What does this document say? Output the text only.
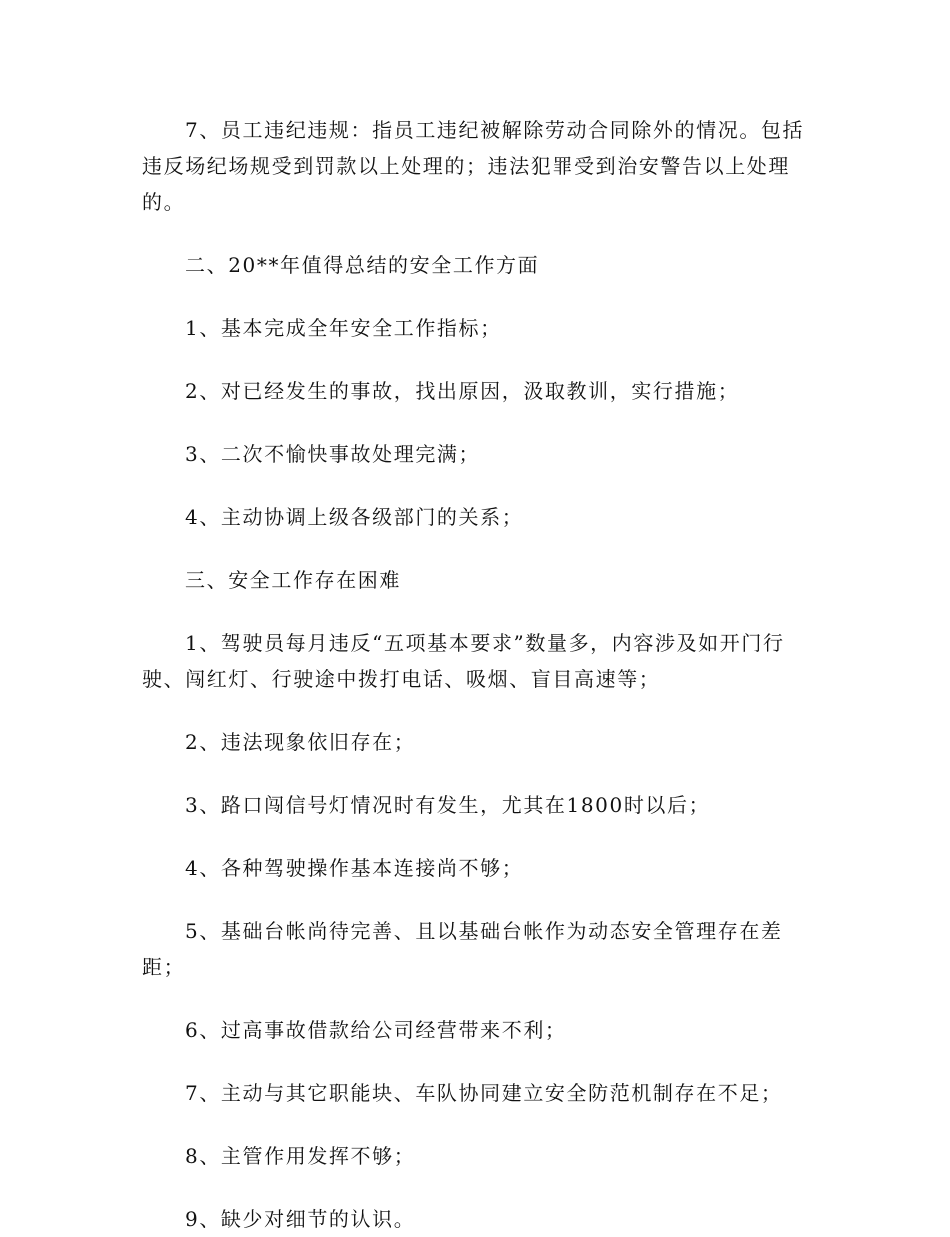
7、员工违纪违规：指员工违纪被解除劳动合同除外的情况。包括违反场纪场规受到罚款以上处理的；违法犯罪受到治安警告以上处理的。

二、20**年值得总结的安全工作方面

1、基本完成全年安全工作指标；

2、对已经发生的事故，找出原因，汲取教训，实行措施；

3、二次不愉快事故处理完满；

4、主动协调上级各级部门的关系；

三、安全工作存在困难

1、驾驶员每月违反“五项基本要求”数量多，内容涉及如开门行驶、闯红灯、行驶途中拨打电话、吸烟、盲目高速等；

2、违法现象依旧存在；

3、路口闯信号灯情况时有发生，尤其在1800时以后；

4、各种驾驶操作基本连接尚不够；

5、基础台帐尚待完善、且以基础台帐作为动态安全管理存在差距；

6、过高事故借款给公司经营带来不利；

7、主动与其它职能块、车队协同建立安全防范机制存在不足；

8、主管作用发挥不够；

9、缺少对细节的认识。
